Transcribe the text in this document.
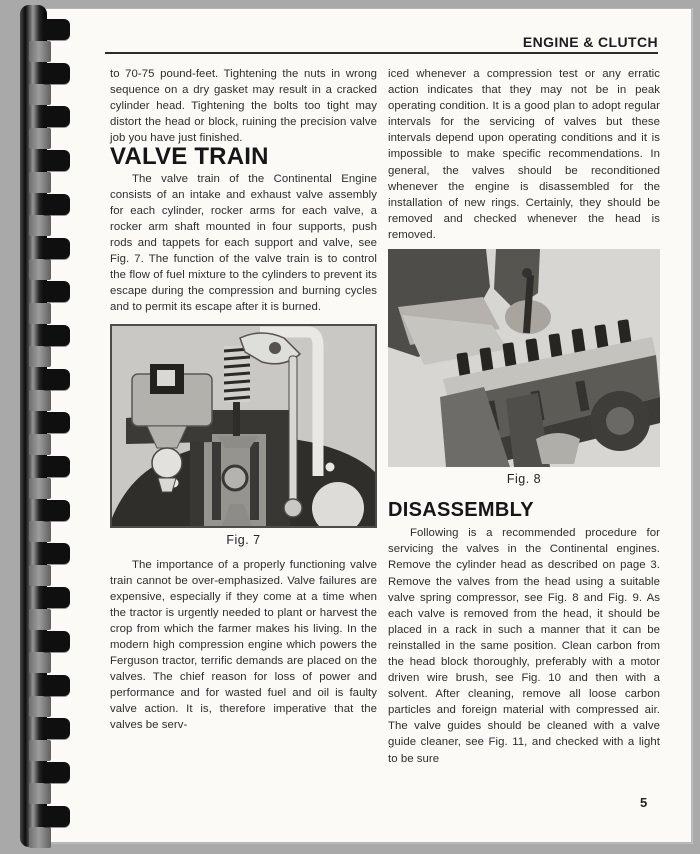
ENGINE & CLUTCH

to 70-75 pound-feet. Tightening the nuts in wrong sequence on a dry gasket may result in a cracked cylinder head. Tightening the bolts too tight may distort the head or block, ruining the precision valve job you have just finished.

VALVE TRAIN

The valve train of the Continental Engine consists of an intake and exhaust valve assembly for each cylinder, rocker arms for each valve, a rocker arm shaft mounted in four supports, push rods and tappets for each support and valve, see Fig. 7. The function of the valve train is to control the flow of fuel mixture to the cylinders to prevent its escape during the compression and burning cycles and to permit its escape after it is burned.

Fig. 7

The importance of a properly functioning valve train cannot be over-emphasized. Valve failures are expensive, especially if they come at a time when the tractor is urgently needed to plant or harvest the crop from which the farmer makes his living. In the modern high compression engine which powers the Ferguson tractor, terrific demands are placed on the valves. The chief reason for loss of power and performance and for wasted fuel and oil is faulty valve action. It is, therefore imperative that the valves be serv-

iced whenever a compression test or any erratic action indicates that they may not be in peak operating condition. It is a good plan to adopt regular intervals for the servicing of valves but these intervals depend upon operating conditions and it is impossible to make specific recommendations. In general, the valves should be reconditioned whenever the engine is disassembled for the installation of new rings. Certainly, they should be removed and checked whenever the head is removed.

Fig. 8
DISASSEMBLY

Following is a recommended procedure for servicing the valves in the Continental engines. Remove the cylinder head as described on page 3. Remove the valves from the head using a suitable valve spring compressor, see Fig. 8 and Fig. 9. As each valve is removed from the head, it should be placed in a rack in such a manner that it can be reinstalled in the same position. Clean carbon from the head block thoroughly, preferably with a motor driven wire brush, see Fig. 10 and then with a solvent. After cleaning, remove all loose carbon particles and foreign material with compressed air. The valve guides should be cleaned with a valve guide cleaner, see Fig. 11, and checked with a light to be sure

5
